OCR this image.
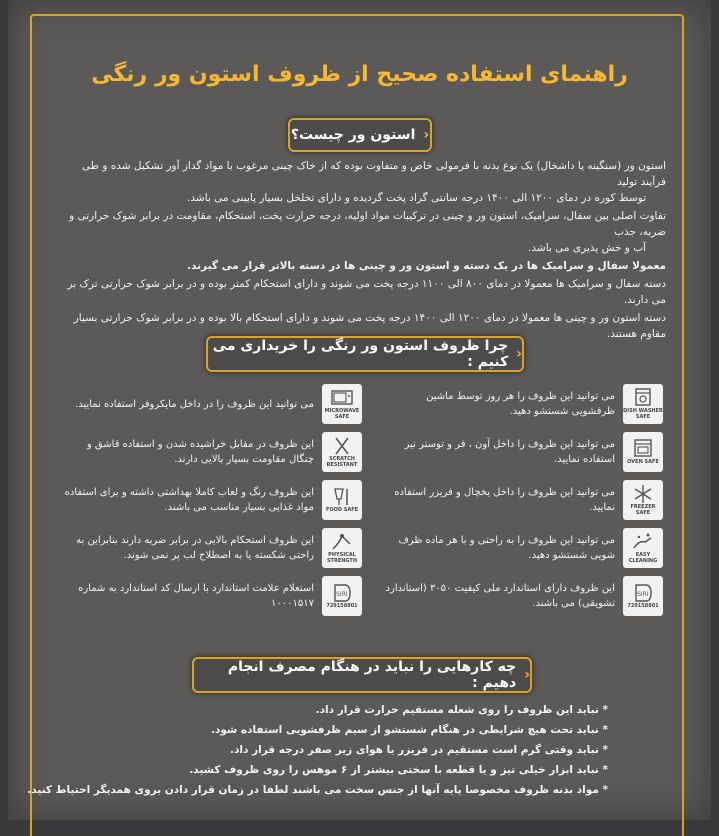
راهنمای استفاده صحیح از ظروف استون ور رنگی
‹
استون ور چیست؟
استون ور (سنگینه یا داشخال) یک نوع بدنه با فرمولی خاص و متفاوت بوده که از خاک چینی مرغوب با مواد گداز آور تشکیل شده و طی فرآیند تولید
توسط کوره در دمای ۱۲۰۰ الی ۱۴۰۰ درجه سانتی گراد پخت گردیده و دارای تخلخل بسیار پایینی می باشد.
تفاوت اصلی بین سفال، سرامیک، استون ور و چینی در ترکیبات مواد اولیه، درجه حرارت پخت، استحکام، مقاومت در برابر شوک حرارتی و ضربه، جذب
آب و خش پذیری می باشد.
معمولا سفال و سرامیک ها در یک دسته و استون ور و چینی ها در دسته بالاتر قرار می گیرند.
دسته سفال و سرامیک ها معمولا در دمای ۸۰۰ الی ۱۱۰۰ درجه پخت می شوند و دارای استحکام کمتر بوده و در برابر شوک حرارتی ترک بر می دارند.
دسته استون ور و چینی ها معمولا در دمای ۱۲۰۰ الی ۱۴۰۰ درجه پخت می شوند و دارای استحکام بالا بوده و در برابر شوک حرارتی بسیار مقاوم هستند.
‹
چرا ظروف استون ور رنگی را خریداری می کنیم :
DISH WASHER SAFE
می توانید این ظروف را هر روز توسط ماشین ظرفشویی شستشو دهید.
OVEN SAFE
می توانید این ظروف را داخل آون ، فر و توستر نیز استفاده نمایید.
FREEZER SAFE
می توانید این ظروف را داخل یخچال و فریزر استفاده نمایید.
EASY CLEANING
می توانید این ظروف را به راحتی و با هر ماده ظرف شویی شستشو دهید.
ISIRI
729158801
این ظروف دارای استاندارد ملی کیفیت ۳۰۵۰ (استاندارد تشویقی) می باشند.
MICROWAVE SAFE
می توانید این ظروف را در داخل مایکروفر استفاده نمایید.
SCRATCH RESISTANT
این ظروف در مقابل خراشیده شدن و استفاده قاشق و چنگال مقاومت بسیار بالایی دارند.
FOOD SAFE
این ظروف رنگ و لعاب کاملا بهداشتی داشته و برای استفاده مواد غذایی بسیار مناسب می باشند.
PHYSICAL STRENGTH
این ظروف استحکام بالایی در برابر ضربه دارند بنابراین به راحتی شکسته یا به اصطلاح لب پر نمی شوند.
ISIRI
729158801
استعلام علامت استاندارد با ارسال کد استاندارد به شماره ۱۰۰۰۱۵۱۷
‹
چه کارهایی را نباید در هنگام مصرف انجام دهیم :
* نباید این ظروف را روی شعله مستقیم حرارت قرار داد.
* نباید تحت هیچ شرایطی در هنگام شستشو از سیم ظرفشویی استفاده شود.
* نباید وقتی گرم است مستقیم در فریزر یا هوای زیر صفر درجه قرار داد.
* نباید ابزار خیلی تیز و یا قطعه با سختی بیشتر از ۶ موهس را روی ظروف کشید.
* مواد بدنه ظروف مخصوصا پایه آنها از جنس سخت می باشند لطفا در زمان قرار دادن بروی همدیگر احتیاط کنید.
